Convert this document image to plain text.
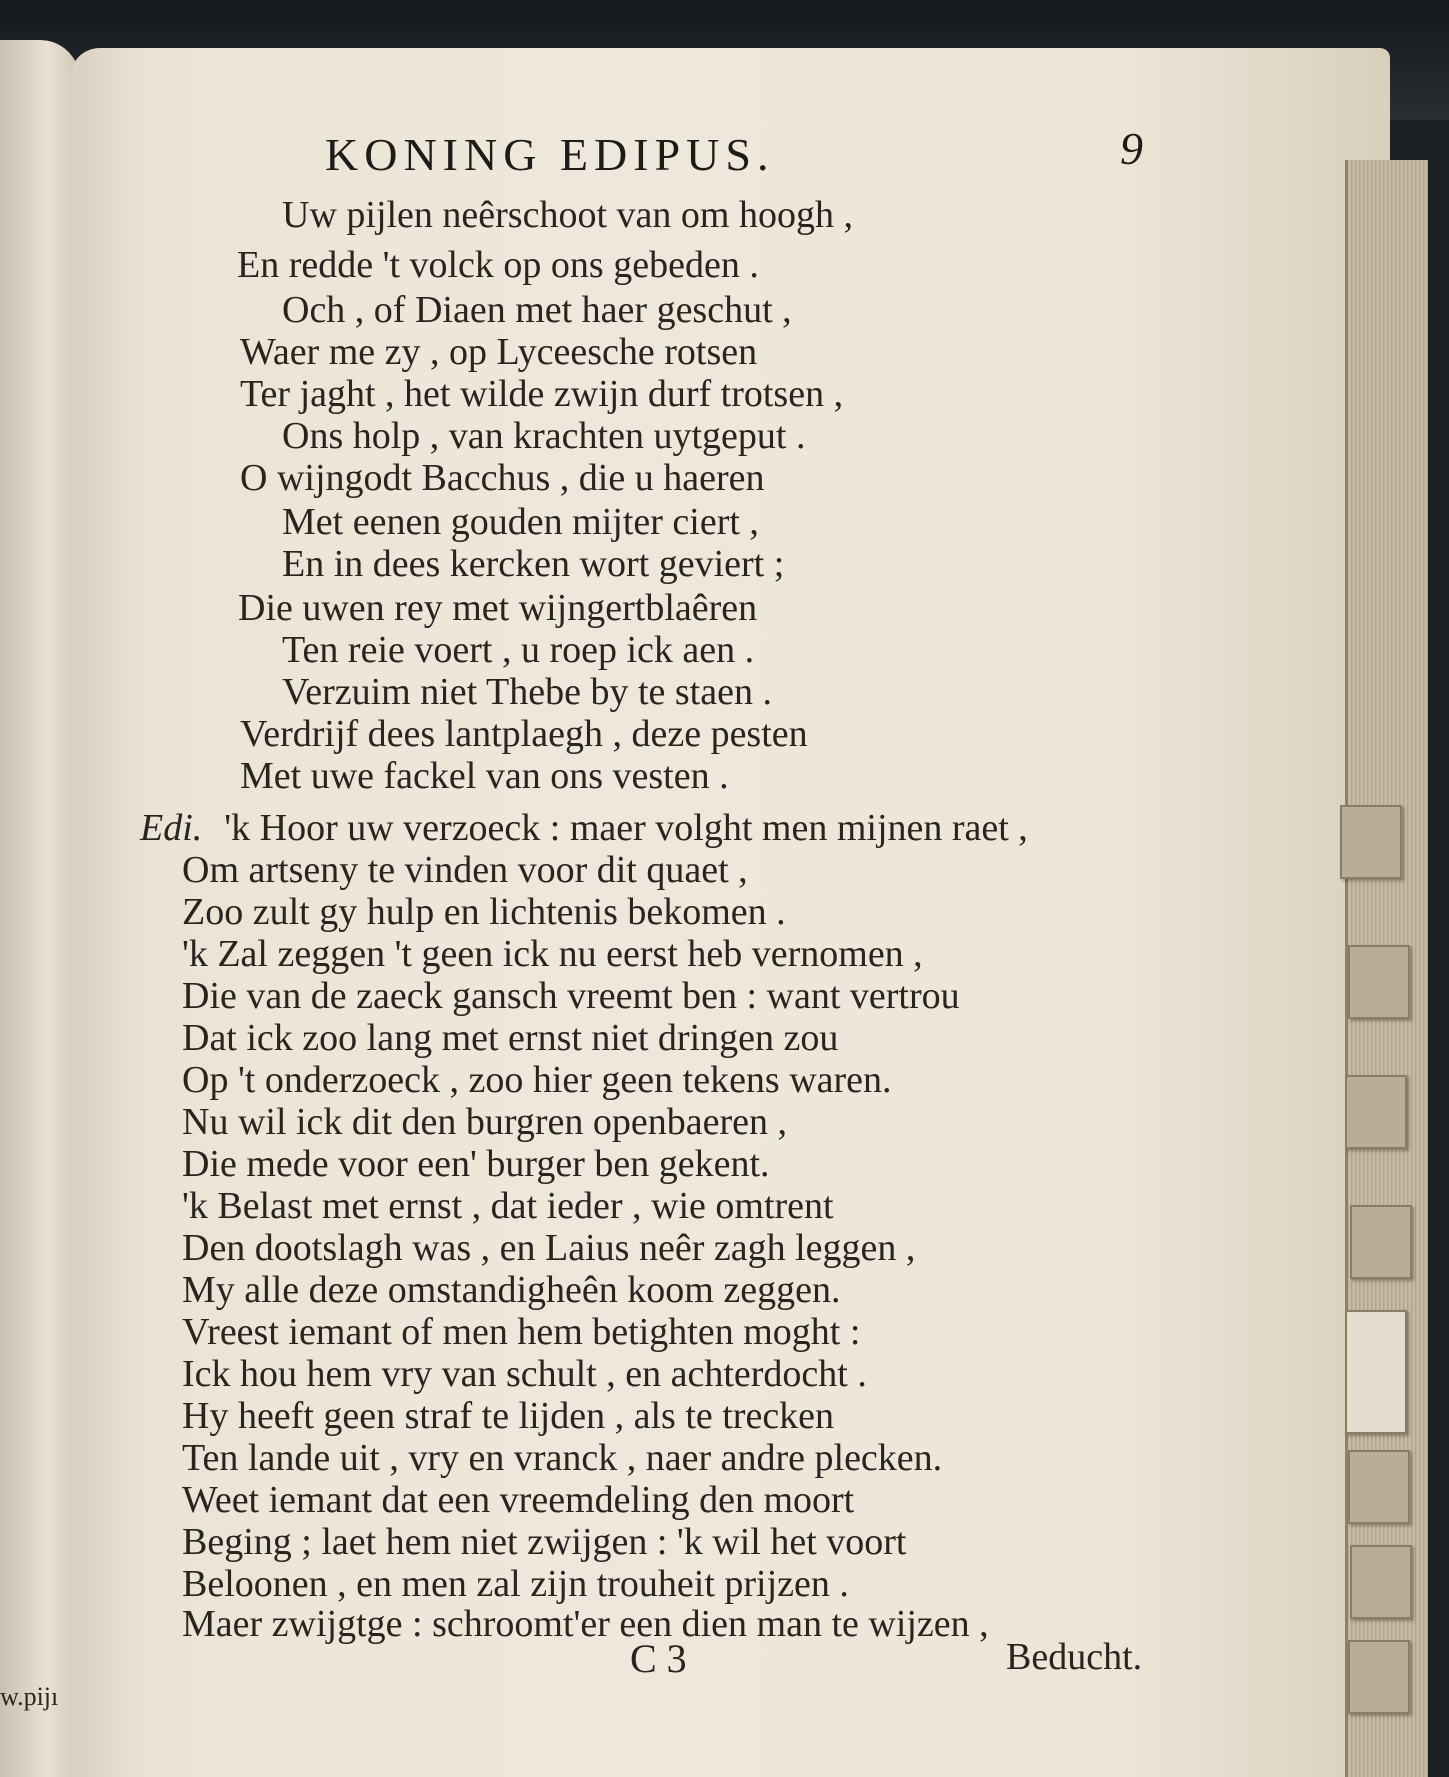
w.pijı
KONING EDIPUS.	9
Uw pijlen neêrschoot van om hoogh ,
En redde 't volck op ons gebeden .
Och , of Diaen met haer geschut ,
Waer me zy , op Lyceesche rotsen
Ter jaght , het wilde zwijn durf trotsen ,
Ons holp , van krachten uytgeput .
O wijngodt Bacchus , die u haeren
Met eenen gouden mijter ciert ,
En in dees kercken wort geviert ;
Die uwen rey met wijngertblaêren
Ten reie voert , u roep ick aen .
Verzuim niet Thebe by te staen .
Verdrijf dees lantplaegh , deze pesten
Met uwe fackel van ons vesten .
Edi. 'k Hoor uw verzoeck : maer volght men mijnen raet ,
Om artseny te vinden voor dit quaet ,
Zoo zult gy hulp en lichtenis bekomen .
'k Zal zeggen 't geen ick nu eerst heb vernomen ,
Die van de zaeck gansch vreemt ben : want vertrou
Dat ick zoo lang met ernst niet dringen zou
Op 't onderzoeck , zoo hier geen tekens waren.
Nu wil ick dit den burgren openbaeren ,
Die mede voor een' burger ben gekent.
'k Belast met ernst , dat ieder , wie omtrent
Den dootslagh was , en Laius neêr zagh leggen ,
My alle deze omstandigheên koom zeggen.
Vreest iemant of men hem betighten moght :
Ick hou hem vry van schult , en achterdocht .
Hy heeft geen straf te lijden , als te trecken
Ten lande uit , vry en vranck , naer andre plecken.
Weet iemant dat een vreemdeling den moort
Beging ; laet hem niet zwijgen : 'k wil het voort
Beloonen , en men zal zijn trouheit prijzen .
Maer zwijgtge : schroomt'er een dien man te wijzen ,
C 3	Beducht.
